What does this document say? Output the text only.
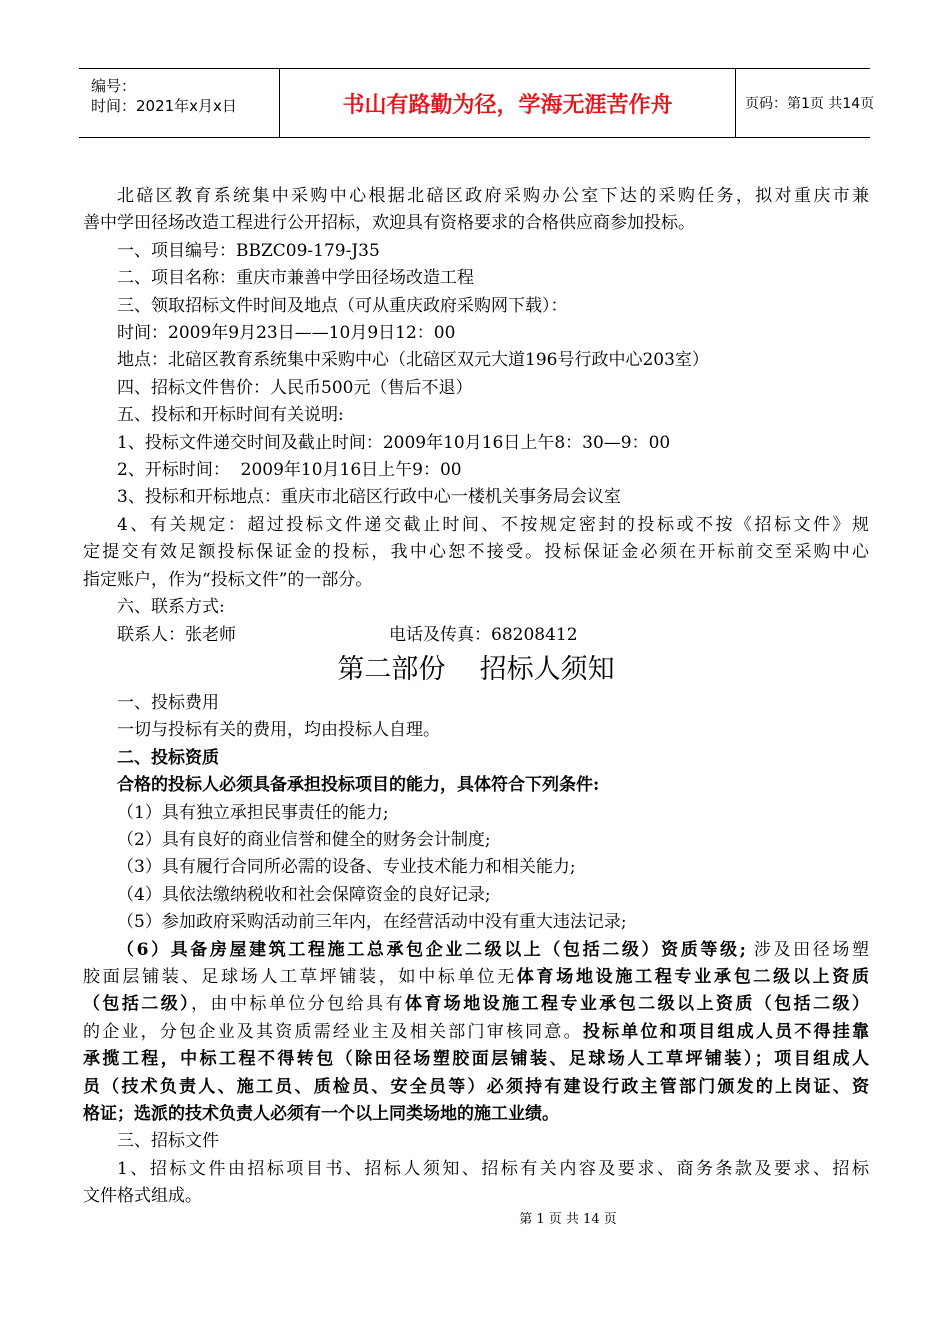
编号：
时间：2021年x月x日	书山有路勤为径，学海无涯苦作舟	页码：第1页 共14页

北碚区教育系统集中采购中心根据北碚区政府采购办公室下达的采购任务，拟对重庆市兼

善中学田径场改造工程进行公开招标，欢迎具有资格要求的合格供应商参加投标。

一、项目编号：BBZC09-179-J35

二、项目名称：重庆市兼善中学田径场改造工程

三、领取招标文件时间及地点（可从重庆政府采购网下载）：

时间：2009年9月23日——10月9日12：00

地点：北碚区教育系统集中采购中心（北碚区双元大道196号行政中心203室）

四、招标文件售价：人民币500元（售后不退）

五、投标和开标时间有关说明:

1、投标文件递交时间及截止时间：2009年10月16日上午8：30—9：00

2、开标时间：  2009年10月16日上午9：00

3、投标和开标地点：重庆市北碚区行政中心一楼机关事务局会议室

4、有关规定：超过投标文件递交截止时间、不按规定密封的投标或不按《招标文件》规

定提交有效足额投标保证金的投标，我中心恕不接受。投标保证金必须在开标前交至采购中心

指定账户，作为“投标文件”的一部分。

六、联系方式:

联系人：张老师	电话及传真：68208412

第二部份    招标人须知

一、投标费用

一切与投标有关的费用，均由投标人自理。

二、投标资质

合格的投标人必须具备承担投标项目的能力，具体符合下列条件:

（1）具有独立承担民事责任的能力;

（2）具有良好的商业信誉和健全的财务会计制度;

（3）具有履行合同所必需的设备、专业技术能力和相关能力;

（4）具依法缴纳税收和社会保障资金的良好记录;

（5）参加政府采购活动前三年内，在经营活动中没有重大违法记录;

（6）具备房屋建筑工程施工总承包企业二级以上（包括二级）资质等级; 涉及田径场塑

胶面层铺装、足球场人工草坪铺装，如中标单位无体育场地设施工程专业承包二级以上资质

（包括二级），由中标单位分包给具有体育场地设施工程专业承包二级以上资质（包括二级）

的企业，分包企业及其资质需经业主及相关部门审核同意。投标单位和项目组成人员不得挂靠

承揽工程，中标工程不得转包（除田径场塑胶面层铺装、足球场人工草坪铺装）；项目组成人

员（技术负责人、施工员、质检员、安全员等）必须持有建设行政主管部门颁发的上岗证、资

格证；选派的技术负责人必须有一个以上同类场地的施工业绩。

三、招标文件

1、招标文件由招标项目书、招标人须知、招标有关内容及要求、商务条款及要求、招标

文件格式组成。

第 1 页 共 14 页
